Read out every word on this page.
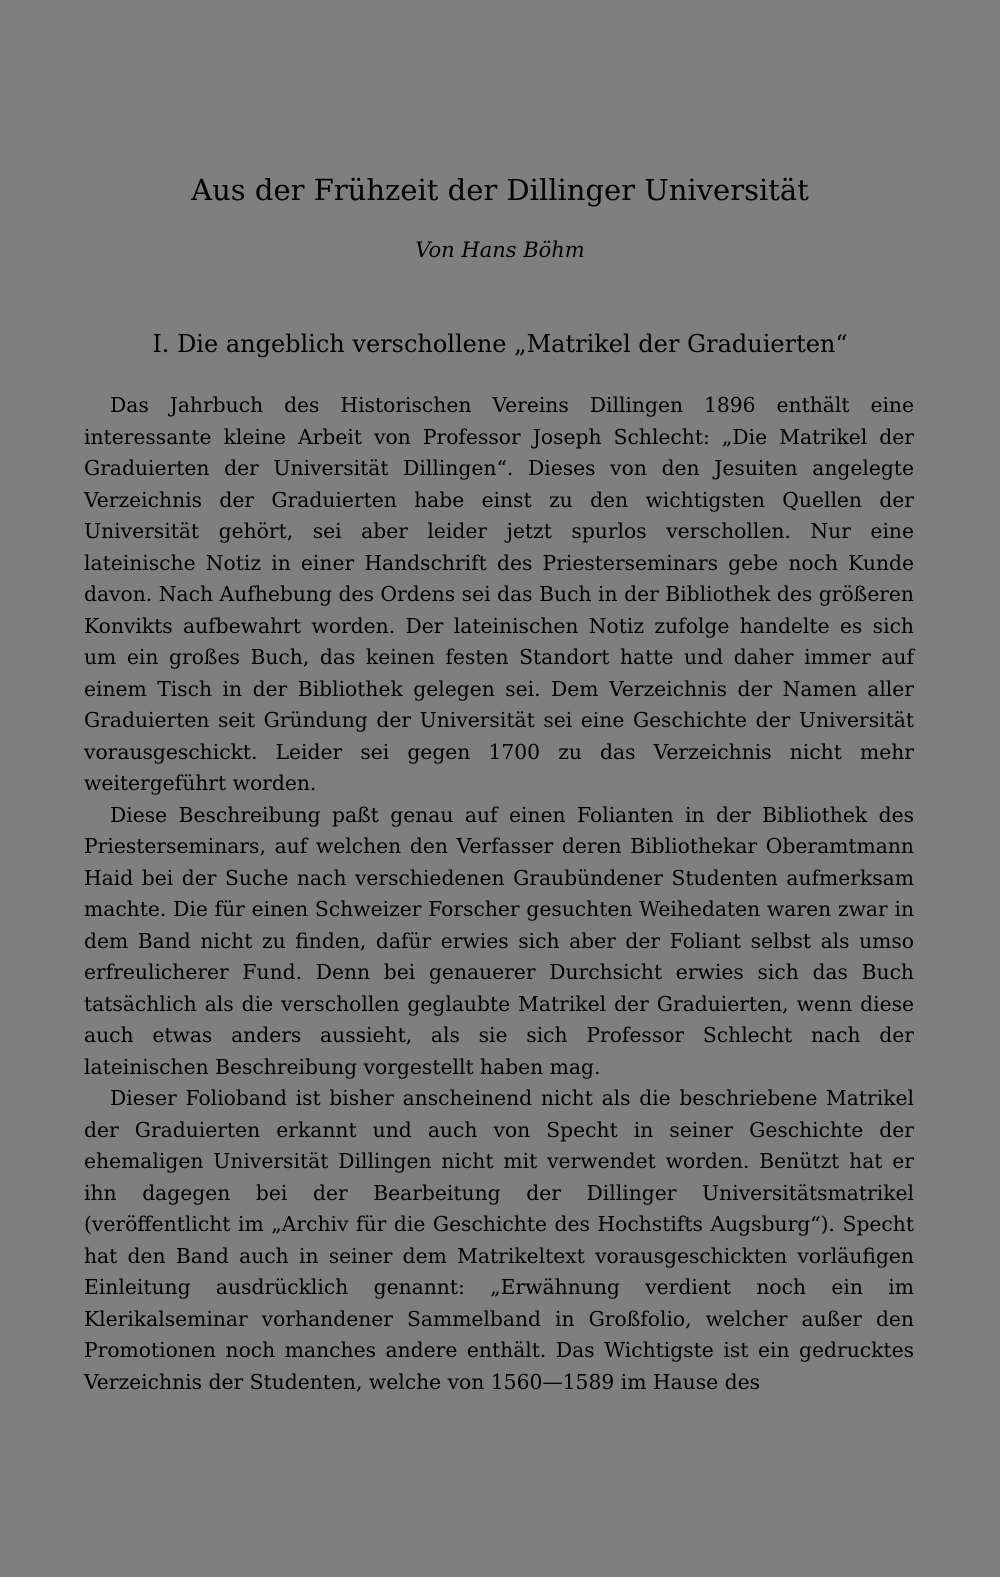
Aus der Frühzeit der Dillinger Universität
Von Hans Böhm
I. Die angeblich verschollene „Matrikel der Graduierten“

Das Jahrbuch des Historischen Vereins Dillingen 1896 enthält eine interessante kleine Arbeit von Professor Joseph Schlecht: „Die Matrikel der Graduierten der Universität Dillingen“. Dieses von den Jesuiten angelegte Verzeichnis der Graduierten habe einst zu den wichtigsten Quellen der Universität gehört, sei aber leider jetzt spurlos verschollen. Nur eine lateinische Notiz in einer Handschrift des Priesterseminars gebe noch Kunde davon. Nach Aufhebung des Ordens sei das Buch in der Bibliothek des größeren Konvikts aufbewahrt worden. Der lateinischen Notiz zufolge handelte es sich um ein großes Buch, das keinen festen Standort hatte und daher immer auf einem Tisch in der Bibliothek gelegen sei. Dem Verzeichnis der Namen aller Graduierten seit Gründung der Universität sei eine Geschichte der Universität vorausgeschickt. Leider sei gegen 1700 zu das Verzeichnis nicht mehr weitergeführt worden.

Diese Beschreibung paßt genau auf einen Folianten in der Bibliothek des Priesterseminars, auf welchen den Verfasser deren Bibliothekar Oberamtmann Haid bei der Suche nach verschiedenen Graubündener Studenten aufmerksam machte. Die für einen Schweizer Forscher gesuchten Weihedaten waren zwar in dem Band nicht zu finden, dafür erwies sich aber der Foliant selbst als umso erfreulicherer Fund. Denn bei genauerer Durchsicht erwies sich das Buch tatsächlich als die verschollen geglaubte Matrikel der Graduierten, wenn diese auch etwas anders aussieht, als sie sich Professor Schlecht nach der lateinischen Beschreibung vorgestellt haben mag.

Dieser Folioband ist bisher anscheinend nicht als die beschriebene Matrikel der Graduierten erkannt und auch von Specht in seiner Geschichte der ehemaligen Universität Dillingen nicht mit verwendet worden. Benützt hat er ihn dagegen bei der Bearbeitung der Dillinger Universitätsmatrikel (veröffentlicht im „Archiv für die Geschichte des Hochstifts Augsburg“). Specht hat den Band auch in seiner dem Matrikeltext vorausgeschickten vorläufigen Einleitung ausdrücklich genannt: „Erwähnung verdient noch ein im Klerikalseminar vorhandener Sammelband in Großfolio, welcher außer den Promotionen noch manches andere enthält. Das Wichtigste ist ein gedrucktes Verzeichnis der Studenten, welche von 1560—1589 im Hause des
